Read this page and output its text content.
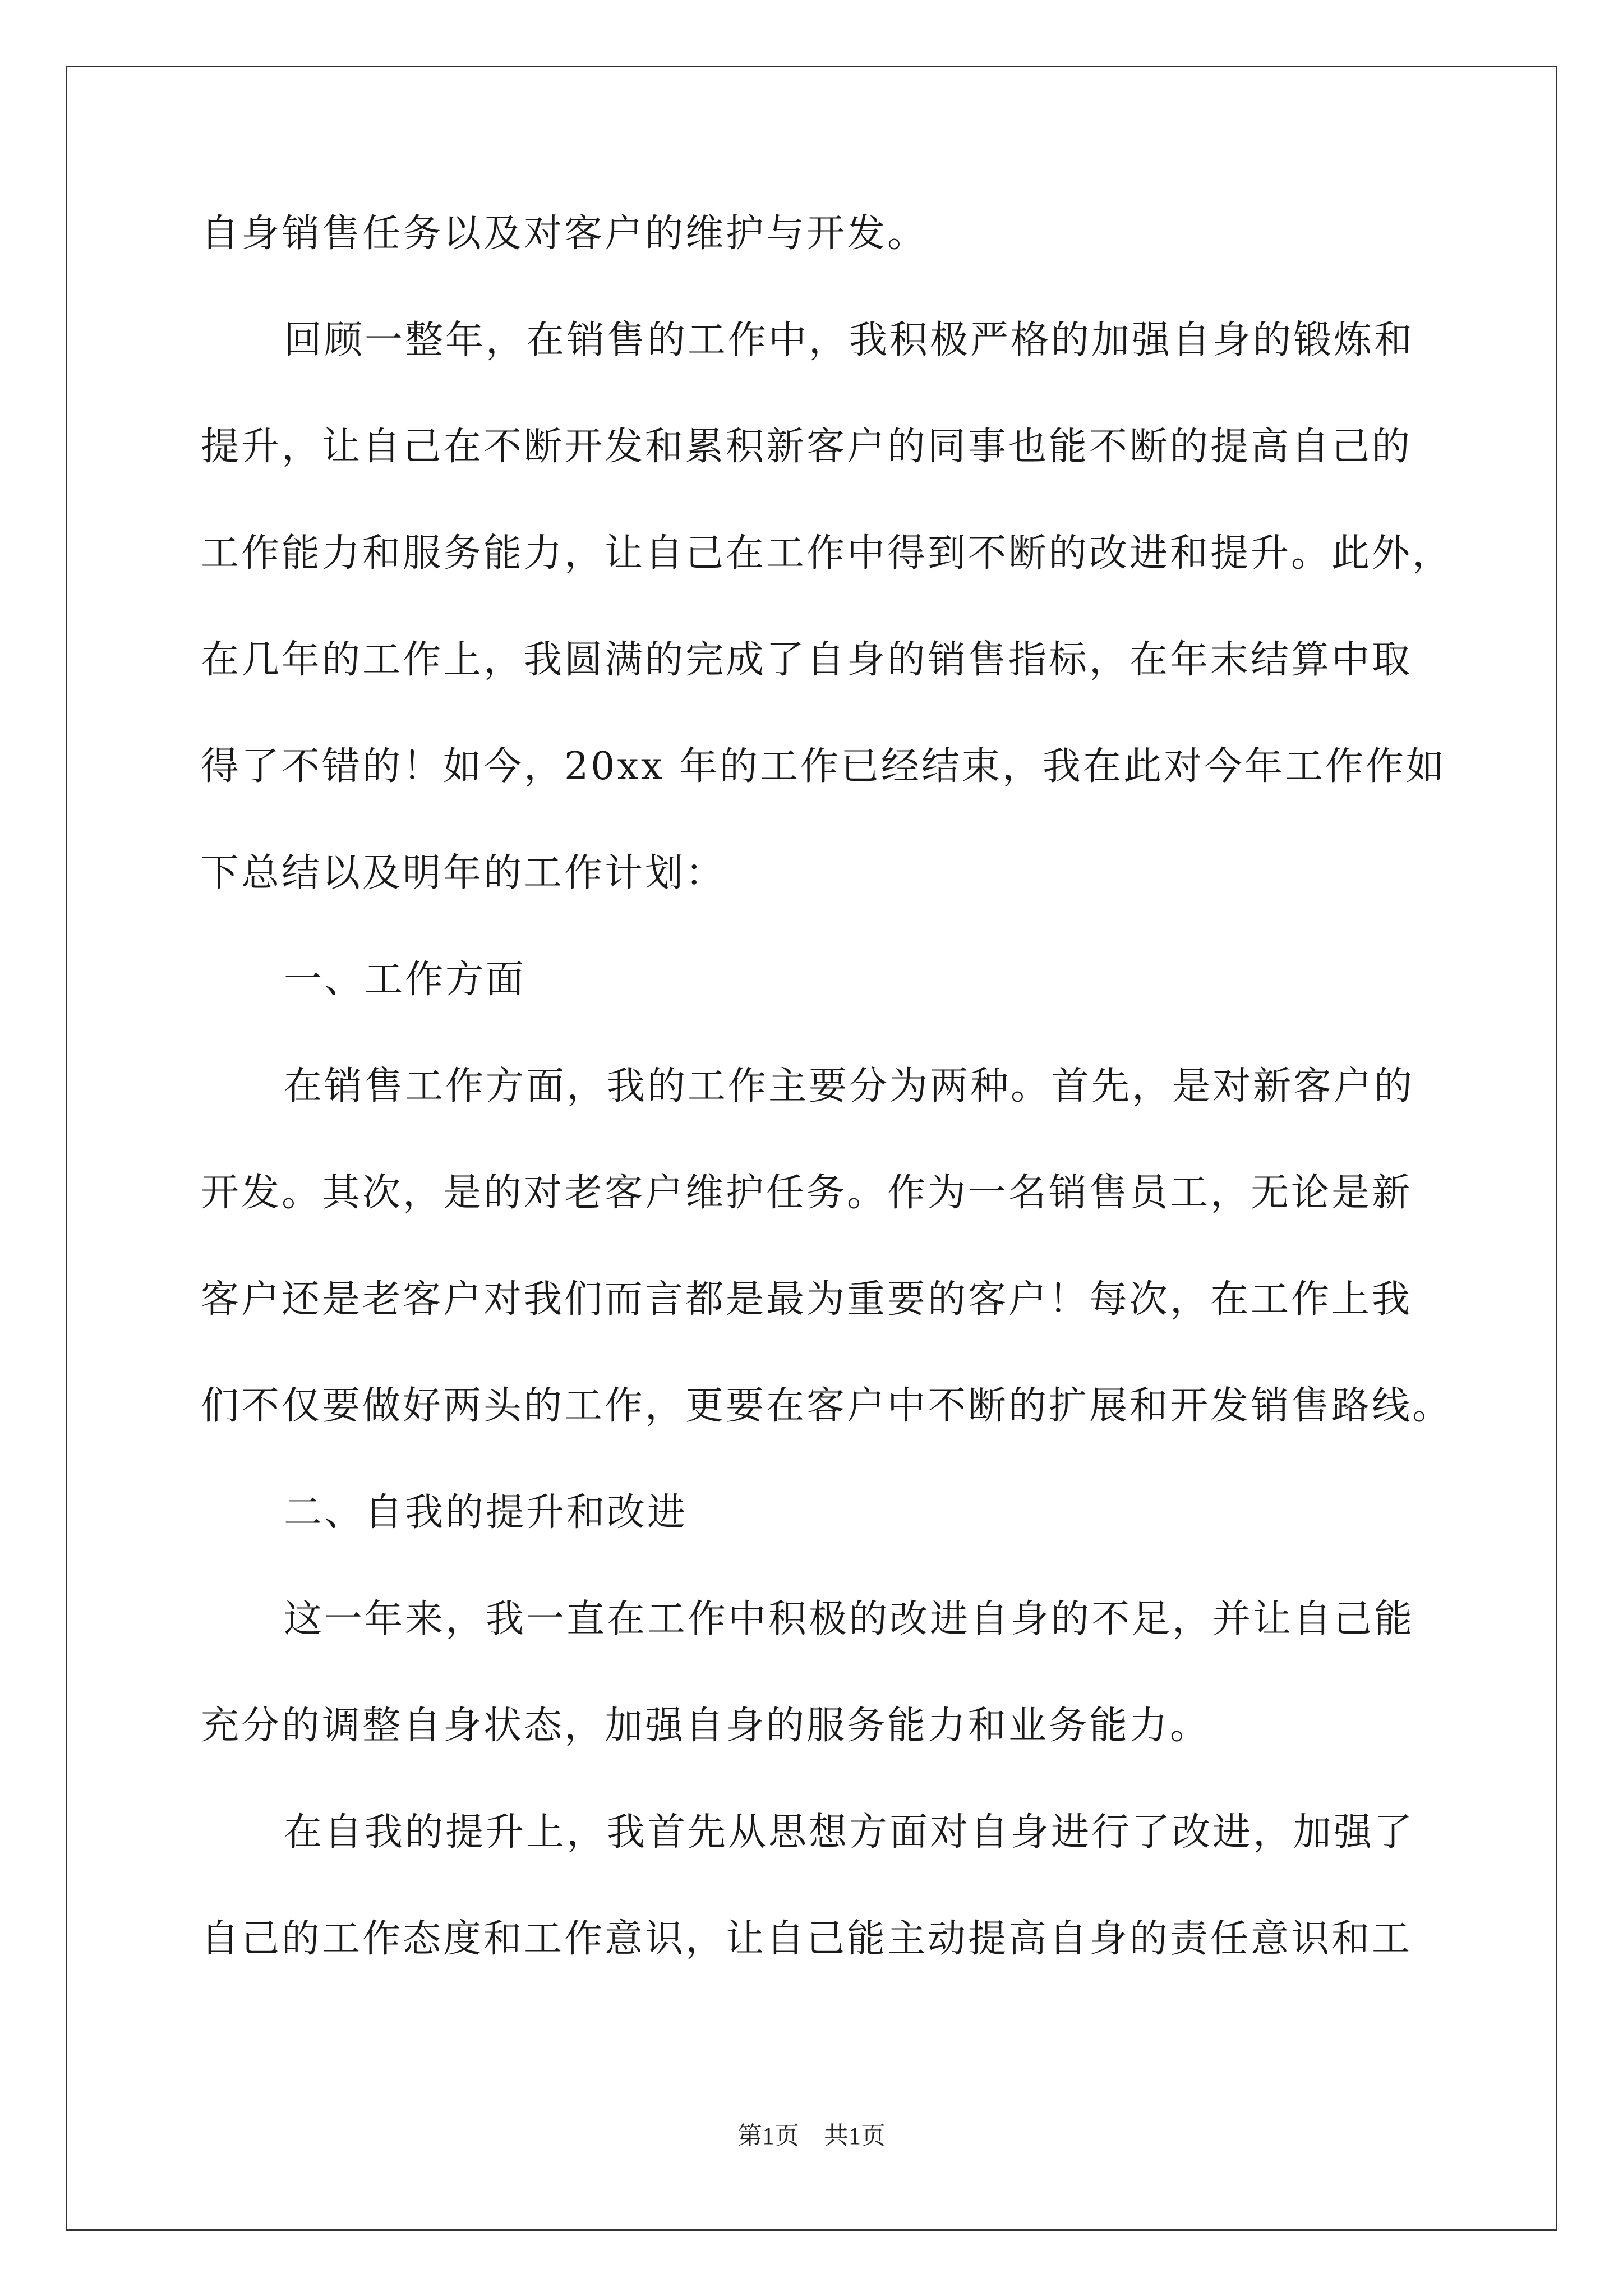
自身销售任务以及对客户的维护与开发。
回顾一整年，在销售的工作中，我积极严格的加强自身的锻炼和
提升，让自己在不断开发和累积新客户的同事也能不断的提高自己的
工作能力和服务能力，让自己在工作中得到不断的改进和提升。此外，
在几年的工作上，我圆满的完成了自身的销售指标，在年末结算中取
得了不错的！如今，20xx 年的工作已经结束，我在此对今年工作作如
下总结以及明年的工作计划：
一、工作方面
在销售工作方面，我的工作主要分为两种。首先，是对新客户的
开发。其次，是的对老客户维护任务。作为一名销售员工，无论是新
客户还是老客户对我们而言都是最为重要的客户！每次，在工作上我
们不仅要做好两头的工作，更要在客户中不断的扩展和开发销售路线。
二、自我的提升和改进
这一年来，我一直在工作中积极的改进自身的不足，并让自己能
充分的调整自身状态，加强自身的服务能力和业务能力。
在自我的提升上，我首先从思想方面对自身进行了改进，加强了
自己的工作态度和工作意识，让自己能主动提高自身的责任意识和工
第1页　共1页
